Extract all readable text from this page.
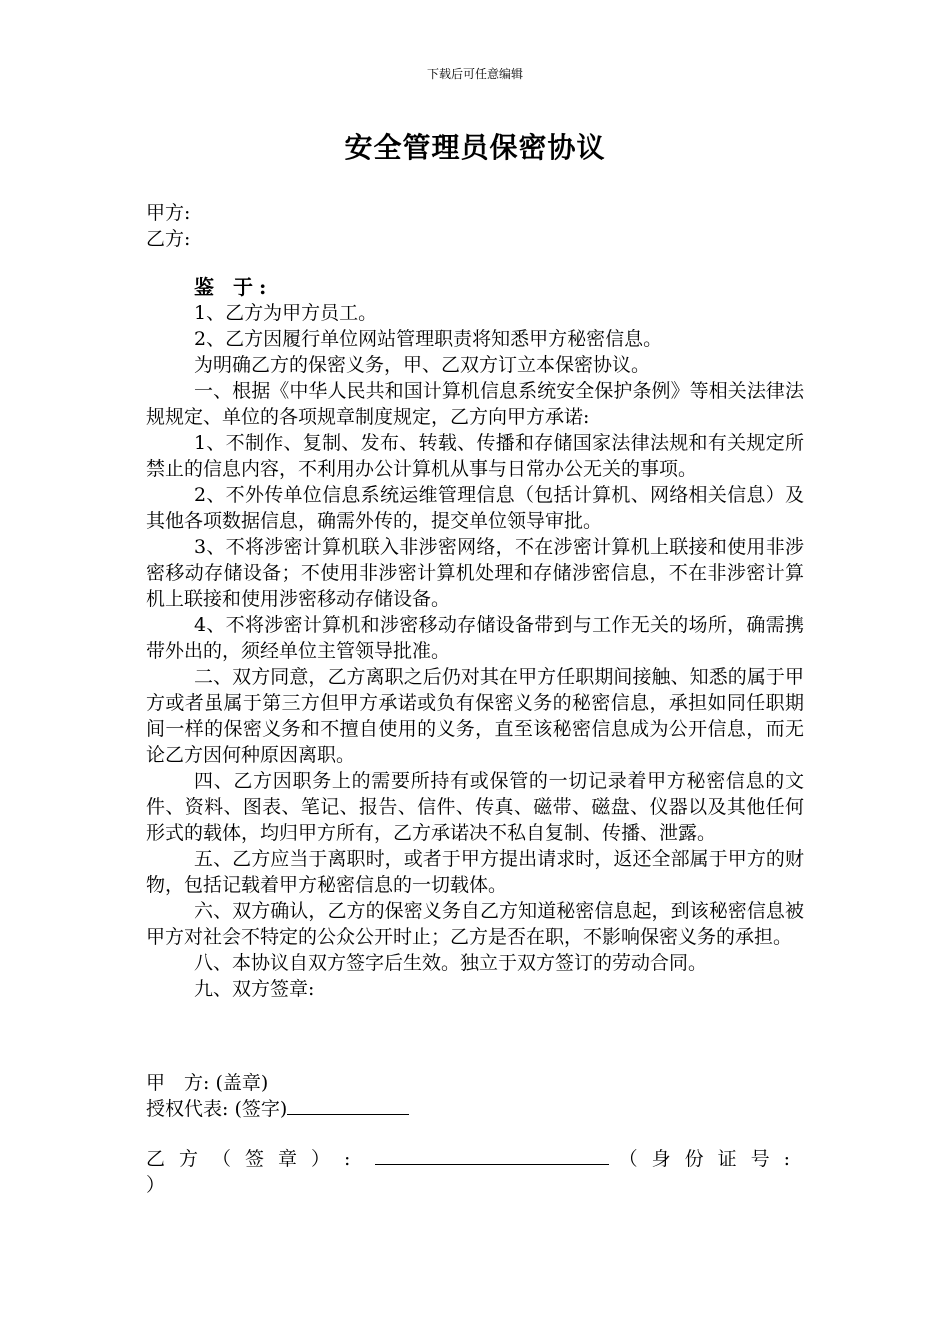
下载后可任意编辑
安全管理员保密协议
甲方:
乙方:

鉴 于:

1、乙方为甲方员工。

2、乙方因履行单位网站管理职责将知悉甲方秘密信息。

为明确乙方的保密义务，甲、乙双方订立本保密协议。

一、根据《中华人民共和国计算机信息系统安全保护条例》等相关法律法规规定、单位的各项规章制度规定，乙方向甲方承诺:

1、不制作、复制、发布、转载、传播和存储国家法律法规和有关规定所禁止的信息内容，不利用办公计算机从事与日常办公无关的事项。

2、不外传单位信息系统运维管理信息（包括计算机、网络相关信息）及其他各项数据信息，确需外传的，提交单位领导审批。

3、不将涉密计算机联入非涉密网络，不在涉密计算机上联接和使用非涉密移动存储设备；不使用非涉密计算机处理和存储涉密信息，不在非涉密计算机上联接和使用涉密移动存储设备。

4、不将涉密计算机和涉密移动存储设备带到与工作无关的场所，确需携带外出的，须经单位主管领导批准。

二、双方同意，乙方离职之后仍对其在甲方任职期间接触、知悉的属于甲方或者虽属于第三方但甲方承诺或负有保密义务的秘密信息，承担如同任职期间一样的保密义务和不擅自使用的义务，直至该秘密信息成为公开信息，而无论乙方因何种原因离职。

四、乙方因职务上的需要所持有或保管的一切记录着甲方秘密信息的文件、资料、图表、笔记、报告、信件、传真、磁带、磁盘、仪器以及其他任何形式的载体，均归甲方所有，乙方承诺决不私自复制、传播、泄露。

五、乙方应当于离职时，或者于甲方提出请求时，返还全部属于甲方的财物，包括记载着甲方秘密信息的一切载体。

六、双方确认，乙方的保密义务自乙方知道秘密信息起，到该秘密信息被甲方对社会不特定的公众公开时止；乙方是否在职，不影响保密义务的承担。

八、本协议自双方签字后生效。独立于双方签订的劳动合同。

九、双方签章:

甲　方: (盖章)
授权代表: (签字)
乙方（签章）:	（身份证号:
）
